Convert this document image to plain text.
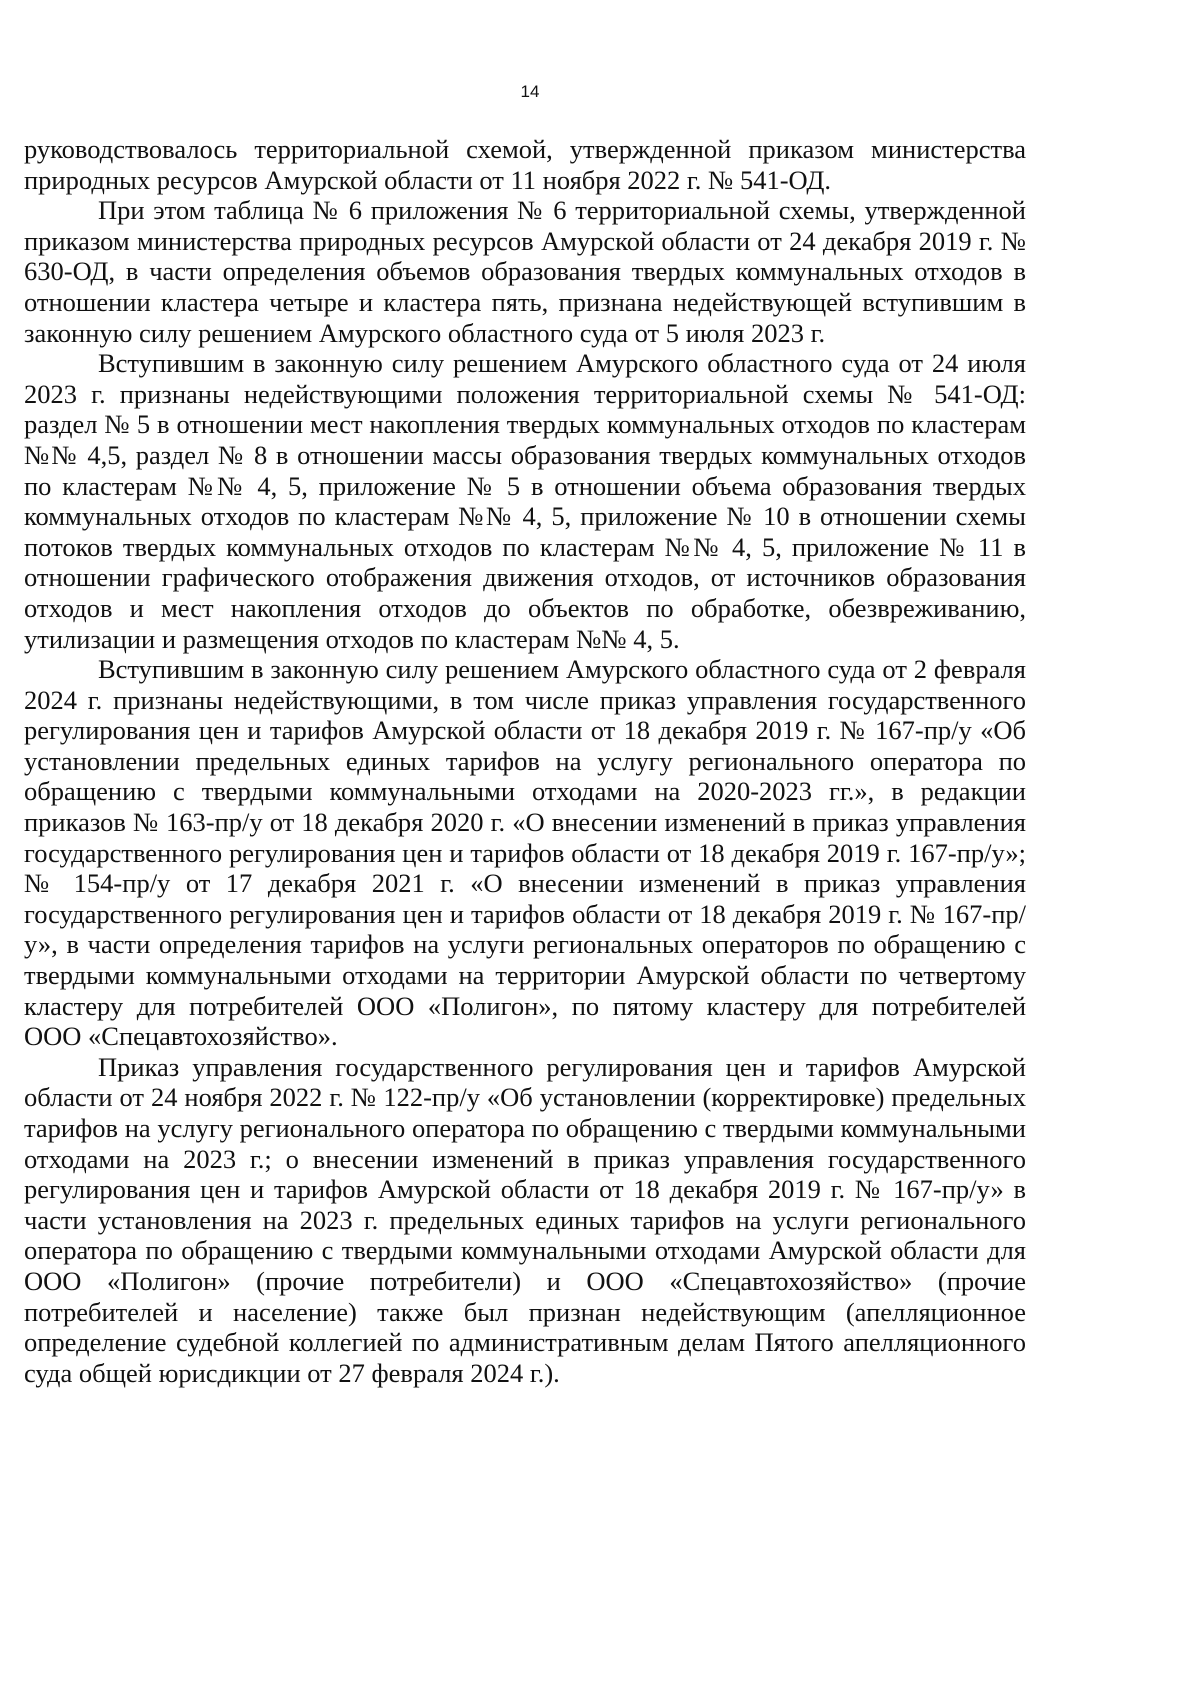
14

руководствовалось территориальной схемой, утвержденной приказом министерства природных ресурсов Амурской области от 11 ноября 2022 г. № 541-ОД.

При этом таблица № 6 приложения № 6 территориальной схемы, утвержденной приказом министерства природных ресурсов Амурской области от 24 декабря 2019 г. № 630-ОД, в части определения объемов образования твердых коммунальных отходов в отношении кластера четыре и кластера пять, признана недействующей вступившим в законную силу решением Амурского областного суда от 5 июля 2023 г.

Вступившим в законную силу решением Амурского областного суда от 24 июля 2023 г. признаны недействующими положения территориальной схемы № 541-ОД: раздел № 5 в отношении мест накопления твердых коммунальных отходов по кластерам №№ 4,5, раздел № 8 в отношении массы образования твердых коммунальных отходов по кластерам №№ 4, 5, приложение № 5 в отношении объема образования твердых коммунальных отходов по кластерам №№ 4, 5, приложение № 10 в отношении схемы потоков твердых коммунальных отходов по кластерам №№ 4, 5, приложение № 11 в отношении графического отображения движения отходов, от источников образования отходов и мест накопления отходов до объектов по обработке, обезвреживанию, утилизации и размещения отходов по кластерам №№ 4, 5.

Вступившим в законную силу решением Амурского областного суда от 2 февраля 2024 г. признаны недействующими, в том числе приказ управления государственного регулирования цен и тарифов Амурской области от 18 декабря 2019 г. № 167-пр/у «Об установлении предельных единых тарифов на услугу регионального оператора по обращению с твердыми коммунальными отходами на 2020-2023 гг.», в редакции приказов № 163-пр/у от 18 декабря 2020 г. «О внесении изменений в приказ управления государственного регулирования цен и тарифов области от 18 декабря 2019 г. 167-пр/у»; № 154-пр/у от 17 декабря 2021 г. «О внесении изменений в приказ управления государственного регулирования цен и тарифов области от 18 декабря 2019 г. № 167-пр/у», в части определения тарифов на услуги региональных операторов по обращению с твердыми коммунальными отходами на территории Амурской области по четвертому кластеру для потребителей ООО «Полигон», по пятому кластеру для потребителей ООО «Спецавтохозяйство».

Приказ управления государственного регулирования цен и тарифов Амурской области от 24 ноября 2022 г. № 122-пр/у «Об установлении (корректировке) предельных тарифов на услугу регионального оператора по обращению с твердыми коммунальными отходами на 2023 г.; о внесении изменений в приказ управления государственного регулирования цен и тарифов Амурской области от 18 декабря 2019 г. № 167-пр/у» в части установления на 2023 г. предельных единых тарифов на услуги регионального оператора по обращению с твердыми коммунальными отходами Амурской области для ООО «Полигон» (прочие потребители) и ООО «Спецавтохозяйство» (прочие потребителей и население) также был признан недействующим (апелляционное определение судебной коллегией по административным делам Пятого апелляционного суда общей юрисдикции от 27 февраля 2024 г.).
